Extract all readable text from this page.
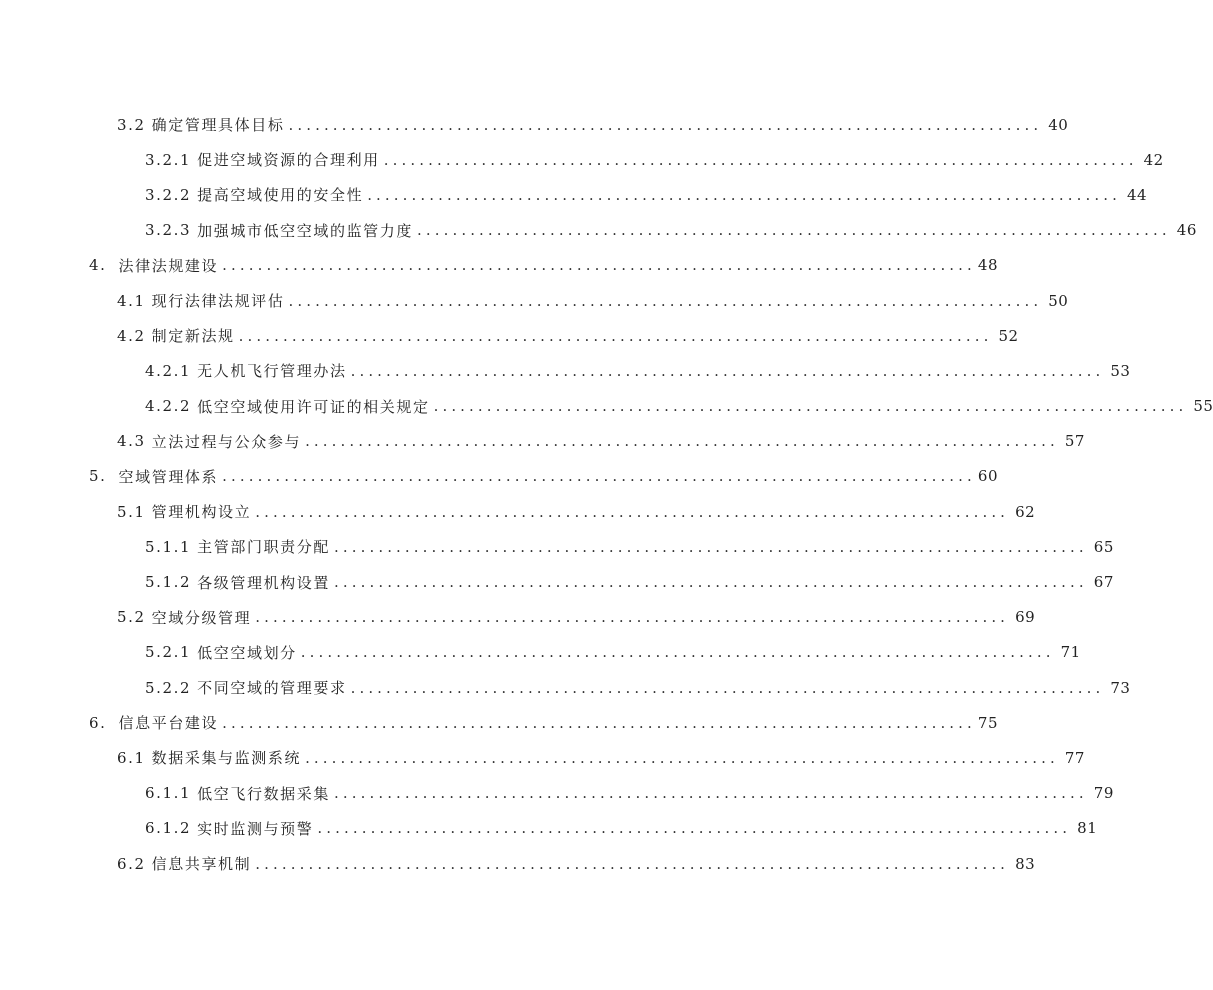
3.2 确定管理具体目标 ..................................................................................... 40
3.2.1 促进空域资源的合理利用 ..................................................................................... 42
3.2.2 提高空域使用的安全性 ..................................................................................... 44
3.2.3 加强城市低空空域的监管力度 ..................................................................................... 46
4. 法律法规建设 ..................................................................................... 48
4.1 现行法律法规评估 ..................................................................................... 50
4.2 制定新法规 ..................................................................................... 52
4.2.1 无人机飞行管理办法 ..................................................................................... 53
4.2.2 低空空域使用许可证的相关规定 ..................................................................................... 55
4.3 立法过程与公众参与 ..................................................................................... 57
5. 空域管理体系 ..................................................................................... 60
5.1 管理机构设立 ..................................................................................... 62
5.1.1 主管部门职责分配 ..................................................................................... 65
5.1.2 各级管理机构设置 ..................................................................................... 67
5.2 空域分级管理 ..................................................................................... 69
5.2.1 低空空域划分 ..................................................................................... 71
5.2.2 不同空域的管理要求 ..................................................................................... 73
6. 信息平台建设 ..................................................................................... 75
6.1 数据采集与监测系统 ..................................................................................... 77
6.1.1 低空飞行数据采集 ..................................................................................... 79
6.1.2 实时监测与预警 ..................................................................................... 81
6.2 信息共享机制 ..................................................................................... 83
